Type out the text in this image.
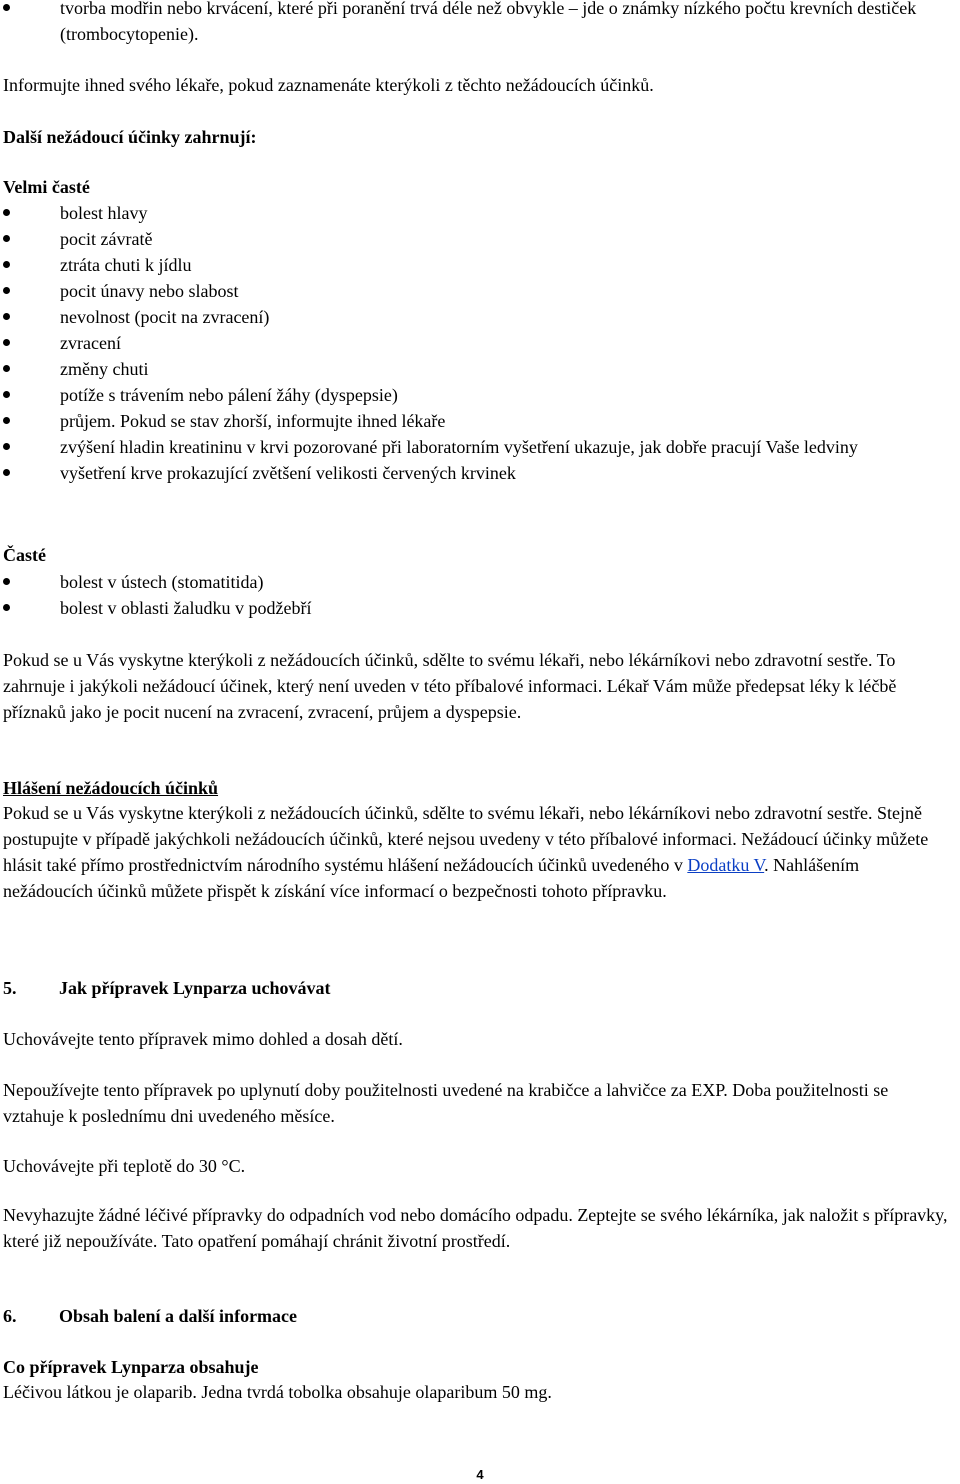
tvorba modřin nebo krvácení, které při poranění trvá déle než obvykle – jde o známky nízkého počtu krevních destiček (trombocytopenie).

Informujte ihned svého lékaře, pokud zaznamenáte kterýkoli z těchto nežádoucích účinků.

Další nežádoucí účinky zahrnují:

Velmi časté

bolest hlavy
pocit závratě
ztráta chuti k jídlu
pocit únavy nebo slabost
nevolnost (pocit na zvracení)
zvracení
změny chuti
potíže s trávením nebo pálení žáhy (dyspepsie)
průjem. Pokud se stav zhorší, informujte ihned lékaře
zvýšení hladin kreatininu v krvi pozorované při laboratorním vyšetření ukazuje, jak dobře pracují Vaše ledviny
vyšetření krve prokazující zvětšení velikosti červených krvinek

Časté

bolest v ústech (stomatitida)
bolest v oblasti žaludku v podžebří

Pokud se u Vás vyskytne kterýkoli z nežádoucích účinků, sdělte to svému lékaři, nebo lékárníkovi nebo zdravotní sestře. To zahrnuje i jakýkoli nežádoucí účinek, který není uveden v této příbalové informaci. Lékař Vám může předepsat léky k léčbě příznaků jako je pocit nucení na zvracení, zvracení, průjem a dyspepsie.

Hlášení nežádoucích účinků

Pokud se u Vás vyskytne kterýkoli z nežádoucích účinků, sdělte to svému lékaři, nebo lékárníkovi nebo zdravotní sestře. Stejně postupujte v případě jakýchkoli nežádoucích účinků, které nejsou uvedeny v této příbalové informaci. Nežádoucí účinky můžete hlásit také přímo prostřednictvím národního systému hlášení nežádoucích účinků uvedeného v Dodatku V. Nahlášením nežádoucích účinků můžete přispět k získání více informací o bezpečnosti tohoto přípravku.

5. Jak přípravek Lynparza uchovávat

Uchovávejte tento přípravek mimo dohled a dosah dětí.

Nepoužívejte tento přípravek po uplynutí doby použitelnosti uvedené na krabičce a lahvičce za EXP. Doba použitelnosti se vztahuje k poslednímu dni uvedeného měsíce.

Uchovávejte při teplotě do 30 °C.

Nevyhazujte žádné léčivé přípravky do odpadních vod nebo domácího odpadu. Zeptejte se svého lékárníka, jak naložit s přípravky, které již nepoužíváte. Tato opatření pomáhají chránit životní prostředí.

6. Obsah balení a další informace

Co přípravek Lynparza obsahuje

Léčivou látkou je olaparib. Jedna tvrdá tobolka obsahuje olaparibum 50 mg.

4
